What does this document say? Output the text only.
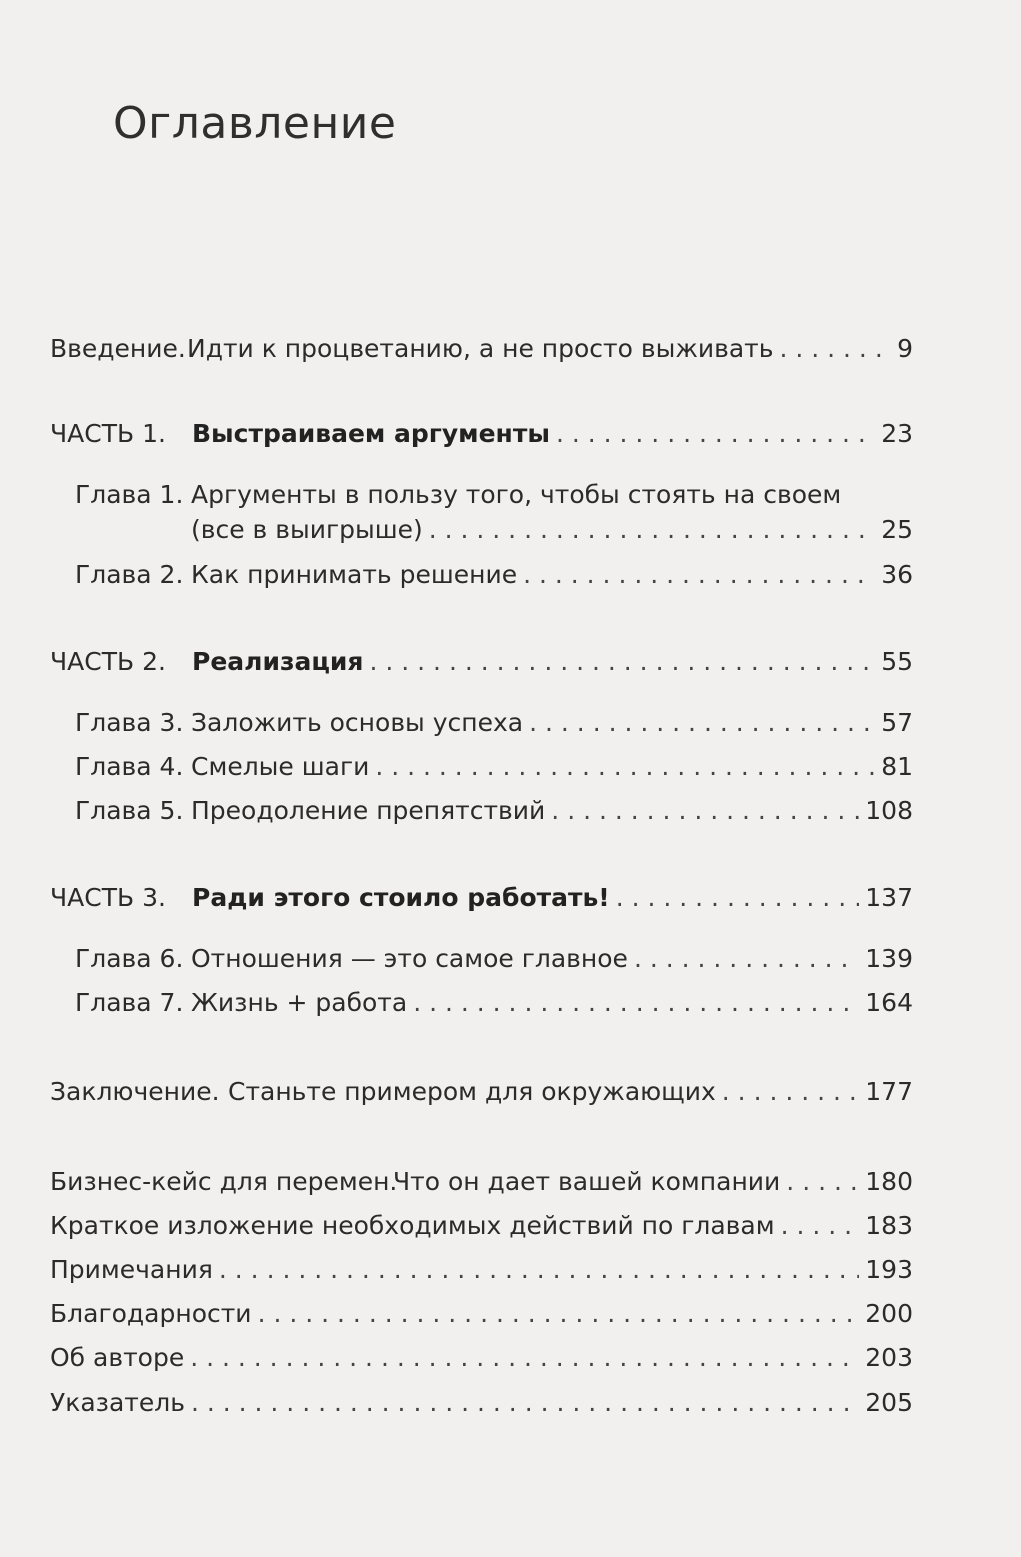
Оглавление
Введение. Идти к процветанию, а не просто выживать . . .	9
ЧАСТЬ 1.	Выстраиваем аргументы . . .	23
Глава 1. Аргументы в пользу того, чтобы стоять на своем
(все в выигрыше) . . .	25
Глава 2. Как принимать решение . . .	36
ЧАСТЬ 2.	Реализация . . .	55
Глава 3. Заложить основы успеха . . .	57
Глава 4. Смелые шаги . . .	81
Глава 5. Преодоление препятствий . . .	108
ЧАСТЬ 3.	Ради этого стоило работать! . . .	137
Глава 6. Отношения — это самое главное . . .	139
Глава 7. Жизнь + работа . . .	164
Заключение. Станьте примером для окружающих . . .	177
Бизнес-кейс для перемен.
Что он дает вашей компании . . .	180
Краткое изложение необходимых действий по главам . . .	183
Примечания . . .	193
Благодарности . . .	200
Об авторе . . .	203
Указатель . . .	205
